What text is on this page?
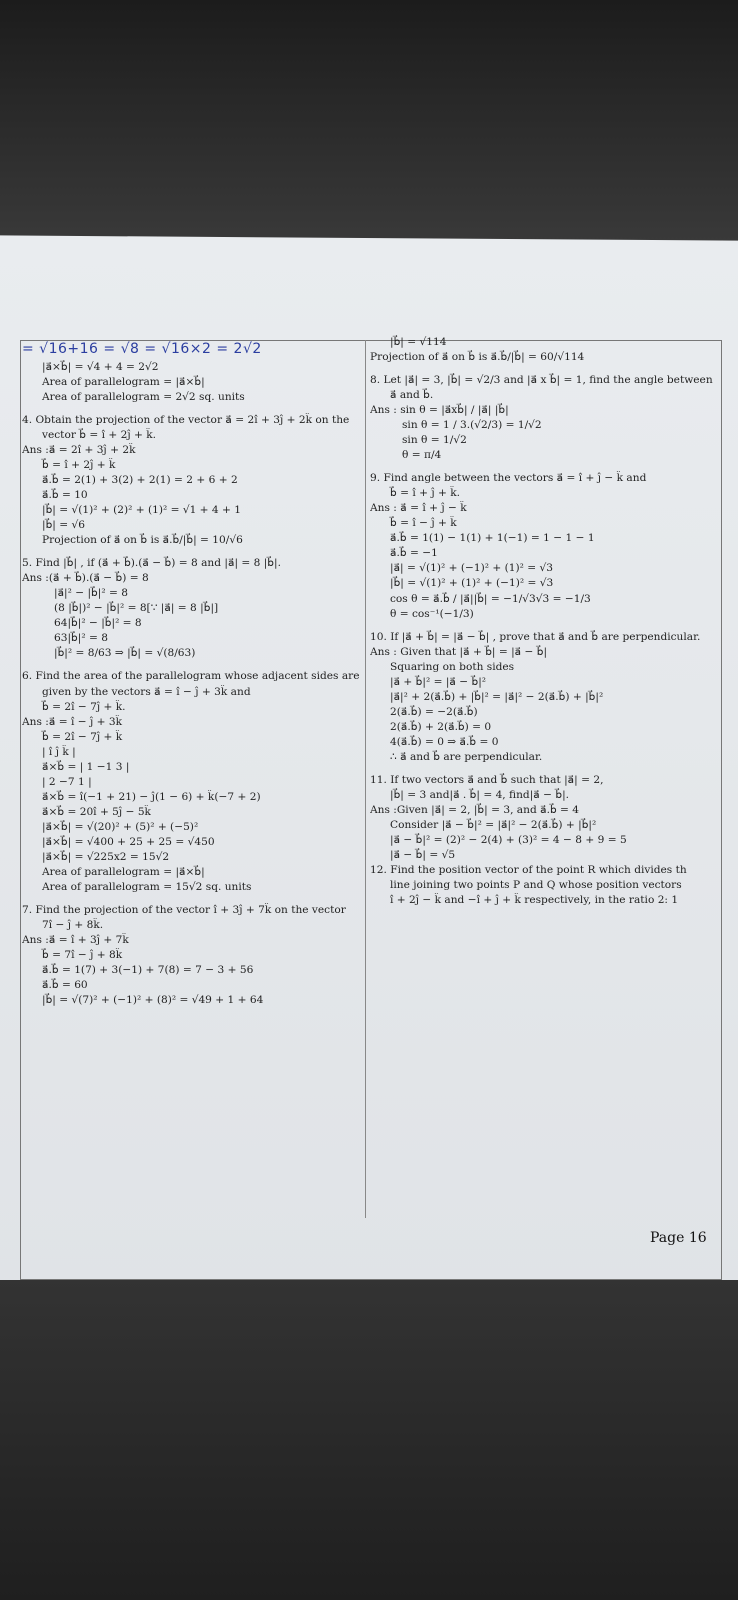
= √16+16 = √8 = √16×2 = 2√2
|a⃗×b⃗| = √4 + 4 = 2√2
Area of parallelogram = |a⃗×b⃗|
Area of parallelogram = 2√2 sq. units
4. Obtain the projection of the vector a⃗ = 2î + 3ĵ + 2k̂ on the
vector b⃗ = î + 2ĵ + k̂.
Ans :a⃗ = 2î + 3ĵ + 2k̂
b⃗ = î + 2ĵ + k̂
a⃗.b⃗ = 2(1) + 3(2) + 2(1) = 2 + 6 + 2
a⃗.b⃗ = 10
|b⃗| = √(1)² + (2)² + (1)² = √1 + 4 + 1
|b⃗| = √6
Projection of a⃗ on b⃗ is a⃗.b⃗/|b⃗| = 10/√6
5. Find |b⃗| , if (a⃗ + b⃗).(a⃗ − b⃗) = 8 and |a⃗| = 8 |b⃗|.
Ans :(a⃗ + b⃗).(a⃗ − b⃗) = 8
|a⃗|² − |b⃗|² = 8
(8 |b⃗|)² − |b⃗|² = 8[∵ |a⃗| = 8 |b⃗|]
64|b⃗|² − |b⃗|² = 8
63|b⃗|² = 8
|b⃗|² = 8/63 ⇒ |b⃗| = √(8/63)
6. Find the area of the parallelogram whose adjacent sides are
given by the vectors a⃗ = î − ĵ + 3k̂ and
b⃗ = 2î − 7ĵ + k̂.
Ans :a⃗ = î − ĵ + 3k̂
b⃗ = 2î − 7ĵ + k̂
| î ĵ k̂ |
a⃗×b⃗ = | 1 −1 3 |
| 2 −7 1 |
a⃗×b⃗ = î(−1 + 21) − ĵ(1 − 6) + k̂(−7 + 2)
a⃗×b⃗ = 20î + 5ĵ − 5k̂
|a⃗×b⃗| = √(20)² + (5)² + (−5)²
|a⃗×b⃗| = √400 + 25 + 25 = √450
|a⃗×b⃗| = √225x2 = 15√2
Area of parallelogram = |a⃗×b⃗|
Area of parallelogram = 15√2 sq. units
7. Find the projection of the vector î + 3ĵ + 7k̂ on the vector
7î − ĵ + 8k̂.
Ans :a⃗ = î + 3ĵ + 7k̂
b⃗ = 7î − ĵ + 8k̂
a⃗.b⃗ = 1(7) + 3(−1) + 7(8) = 7 − 3 + 56
a⃗.b⃗ = 60
|b⃗| = √(7)² + (−1)² + (8)² = √49 + 1 + 64
|b⃗| = √114
Projection of a⃗ on b⃗ is a⃗.b⃗/|b⃗| = 60/√114
8. Let |a⃗| = 3, |b⃗| = √2/3 and |a⃗ x b⃗| = 1, find the angle between
a⃗ and b⃗.
Ans : sin θ = |a⃗xb⃗| / |a⃗| |b⃗|
sin θ = 1 / 3.(√2/3) = 1/√2
sin θ = 1/√2
θ = π/4
9. Find angle between the vectors a⃗ = î + ĵ − k̂ and
b⃗ = î + ĵ + k̂.
Ans : a⃗ = î + ĵ − k̂
b⃗ = î − ĵ + k̂
a⃗.b⃗ = 1(1) − 1(1) + 1(−1) = 1 − 1 − 1
a⃗.b⃗ = −1
|a⃗| = √(1)² + (−1)² + (1)² = √3
|b⃗| = √(1)² + (1)² + (−1)² = √3
cos θ = a⃗.b⃗ / |a⃗||b⃗| = −1/√3√3 = −1/3
θ = cos⁻¹(−1/3)
10. If |a⃗ + b⃗| = |a⃗ − b⃗| , prove that a⃗ and b⃗ are perpendicular.
Ans : Given that |a⃗ + b⃗| = |a⃗ − b⃗|
Squaring on both sides
|a⃗ + b⃗|² = |a⃗ − b⃗|²
|a⃗|² + 2(a⃗.b⃗) + |b⃗|² = |a⃗|² − 2(a⃗.b⃗) + |b⃗|²
2(a⃗.b⃗) = −2(a⃗.b⃗)
2(a⃗.b⃗) + 2(a⃗.b⃗) = 0
4(a⃗.b⃗) = 0 ⇒ a⃗.b⃗ = 0
∴ a⃗ and b⃗ are perpendicular.
11. If two vectors a⃗ and b⃗ such that |a⃗| = 2,
|b⃗| = 3 and|a⃗ . b⃗| = 4, find|a⃗ − b⃗|.
Ans :Given |a⃗| = 2, |b⃗| = 3, and a⃗.b⃗ = 4
Consider |a⃗ − b⃗|² = |a⃗|² − 2(a⃗.b⃗) + |b⃗|²
|a⃗ − b⃗|² = (2)² − 2(4) + (3)² = 4 − 8 + 9 = 5
|a⃗ − b⃗| = √5
12. Find the position vector of the point R which divides th
line joining two points P and Q whose position vectors
î + 2ĵ − k̂ and −î + ĵ + k̂ respectively, in the ratio 2: 1
Page 16
